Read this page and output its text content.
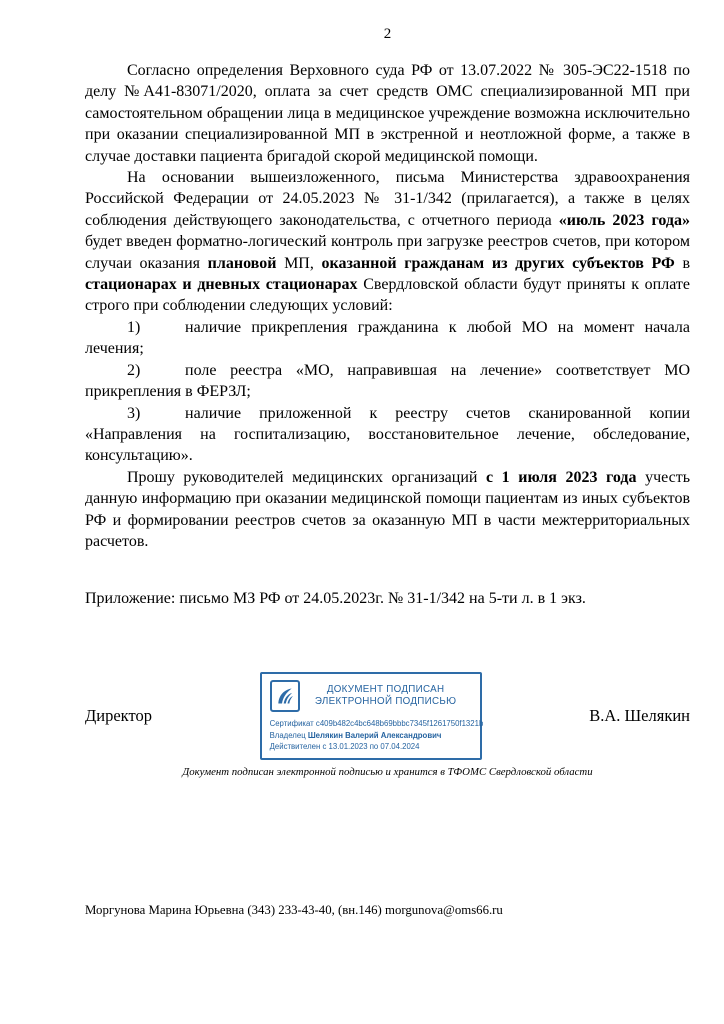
2

Согласно определения Верховного суда РФ от 13.07.2022 № 305-ЭС22-1518 по делу №А41-83071/2020, оплата за счет средств ОМС специализированной МП при самостоятельном обращении лица в медицинское учреждение возможна исключительно при оказании специализированной МП в экстренной и неотложной форме, а также в случае доставки пациента бригадой скорой медицинской помощи.

На основании вышеизложенного, письма Министерства здравоохранения Российской Федерации от 24.05.2023 № 31-1/342 (прилагается), а также в целях соблюдения действующего законодательства, с отчетного периода «июль 2023 года» будет введен форматно-логический контроль при загрузке реестров счетов, при котором случаи оказания плановой МП, оказанной гражданам из других субъектов РФ в стационарах и дневных стационарах Свердловской области будут приняты к оплате строго при соблюдении следующих условий:

1)	наличие прикрепления гражданина к любой МО на момент начала лечения;

2)	поле реестра «МО, направившая на лечение» соответствует МО прикрепления в ФЕРЗЛ;

3)	наличие приложенной к реестру счетов сканированной копии «Направления на госпитализацию, восстановительное лечение, обследование, консультацию».

Прошу руководителей медицинских организаций с 1 июля 2023 года учесть данную информацию при оказании медицинской помощи пациентам из иных субъектов РФ и формировании реестров счетов за оказанную МП в части межтерриториальных расчетов.

Приложение: письмо МЗ РФ от 24.05.2023г. № 31-1/342 на 5-ти л. в 1 экз.

Директор
ДОКУМЕНТ ПОДПИСАН
ЭЛЕКТРОННОЙ ПОДПИСЬЮ
Сертификат c409b482c4bc648b69bbbc7345f1261750f1321b
Владелец Шелякин Валерий Александрович
Действителен с 13.01.2023 по 07.04.2024
В.А. Шелякин
Документ подписан электронной подписью и хранится в ТФОМС Свердловской области
Моргунова Марина Юрьевна (343) 233-43-40, (вн.146) morgunova@oms66.ru
